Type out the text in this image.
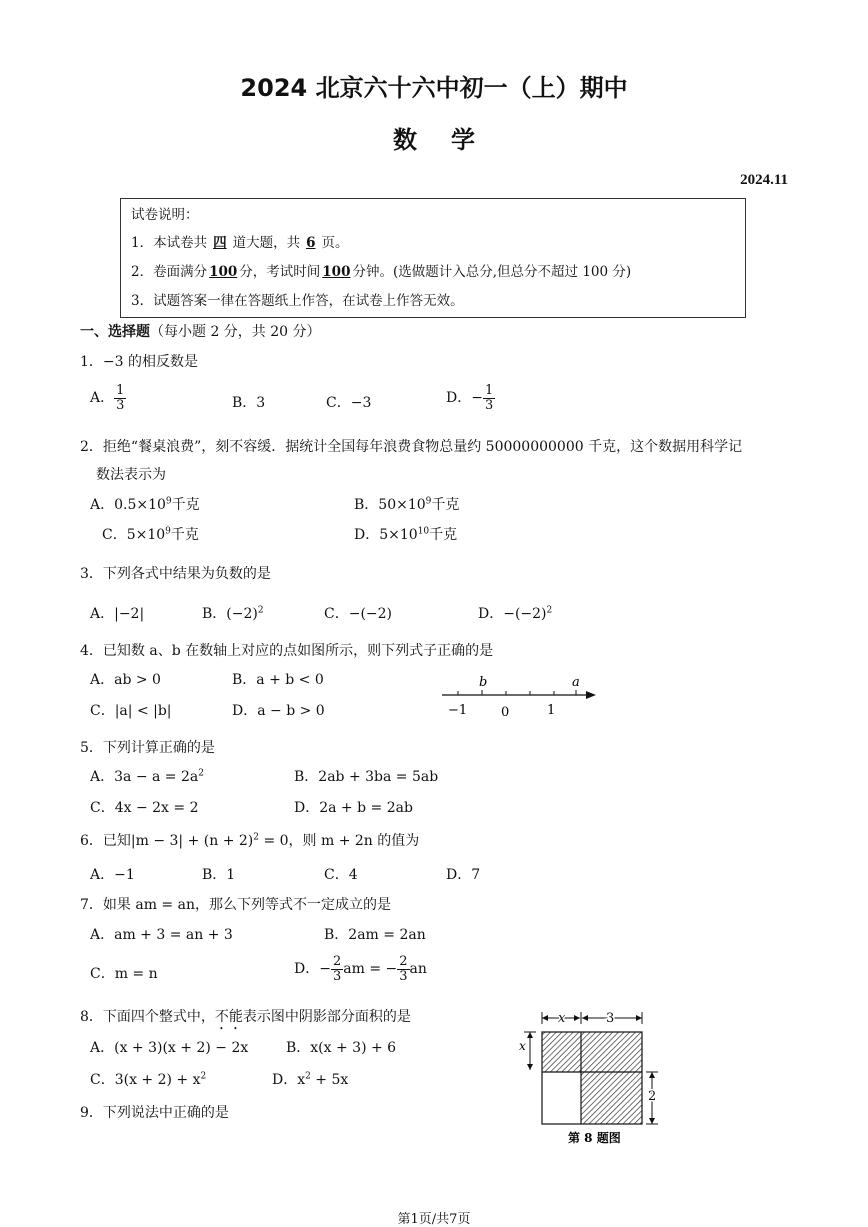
2024 北京六十六中初一（上）期中
数学
2024.11
试卷说明：
1．本试卷共 四 道大题，共 6 页。
2．卷面满分 100 分，考试时间 100 分钟。(选做题计入总分,但总分不超过 100 分)
3．试题答案一律在答题纸上作答，在试卷上作答无效。
一、选择题（每小题 2 分，共 20 分）
1．−3 的相反数是
A． $\frac{1}{3}$	B．3	C．−3	D．− $\frac{1}{3}$
2．拒绝“餐桌浪费”，刻不容缓．据统计全国每年浪费食物总量约 50000000000 千克，这个数据用科学记
数法表示为
A．$0.5\times 10^9$千克	B．$50\times 10^9$千克
C．$5\times 10^9$千克	D．$5\times 10^{10}$千克
3．下列各式中结果为负数的是
A．|−2|	B．$(-2)^2$	C．−(−2)	D．$-(-2)^2$
4．已知数 a、b 在数轴上对应的点如图所示，则下列式子正确的是
A．ab > 0	B．a + b < 0
C．|a| < |b|	D．a − b > 0
b	a
−1	0	1
5．下列计算正确的是
A．$3a - a = 2a^2$	B．2ab + 3ba = 5ab
C．4x − 2x = 2	D．2a + b = 2ab
6．已知$|m - 3| + (n + 2)^2 = 0$，则 m + 2n 的值为
A．−1	B．1	C．4	D．7
7．如果 am = an，那么下列等式不一定成立的是
A．am + 3 = an + 3	B．2am = 2an
C．m = n	D．− $\frac{2}{3}$ am = − $\frac{2}{3}$ an
8．下面四个整式中，不能表示图中阴影部分面积的是
A．(x + 3)(x + 2) − 2x	B．x(x + 3) + 6
C．$3(x + 2) + x^2$	D．$x^2 + 5x$
x	3
x
2
第 8 题图
9．下列说法中正确的是
第1页/共7页
